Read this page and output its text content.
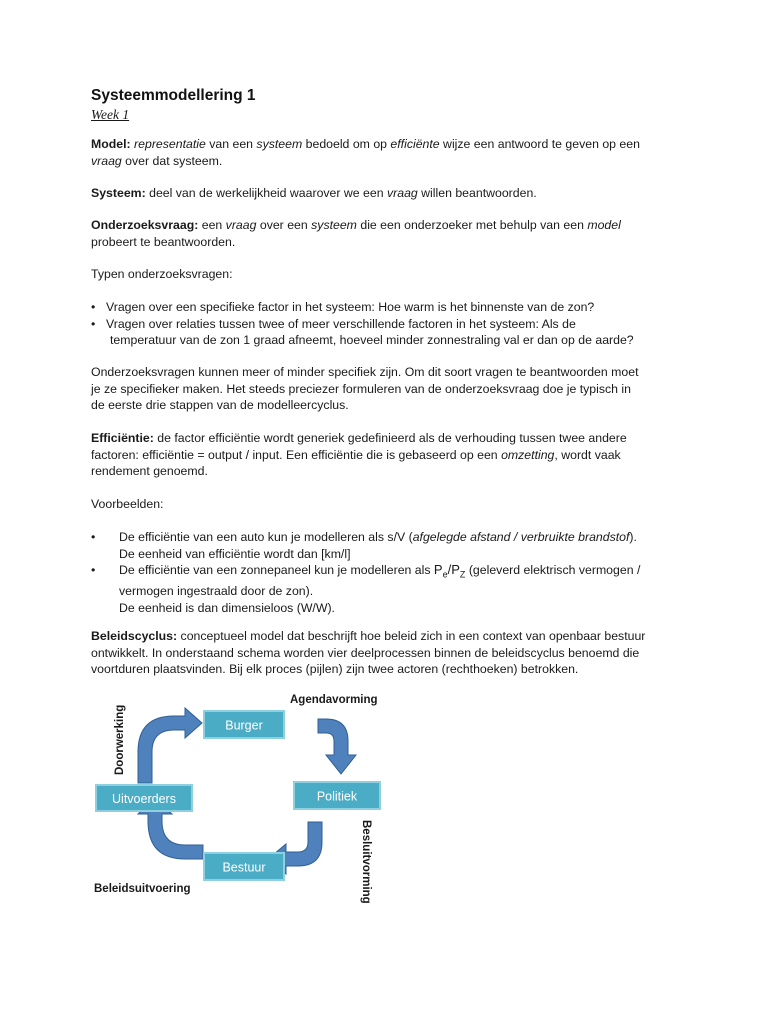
Systeemmodellering 1
Week 1

Model: representatie van een systeem bedoeld om op efficiënte wijze een antwoord te geven op een

vraag over dat systeem.

Systeem: deel van de werkelijkheid waarover we een vraag willen beantwoorden.

Onderzoeksvraag: een vraag over een systeem die een onderzoeker met behulp van een model

probeert te beantwoorden.

Typen onderzoeksvragen:
• Vragen over een specifieke factor in het systeem: Hoe warm is het binnenste van de zon?
• Vragen over relaties tussen twee of meer verschillende factoren in het systeem: Als de
temperatuur van de zon 1 graad afneemt, hoeveel minder zonnestraling val er dan op de aarde?

Onderzoeksvragen kunnen meer of minder specifiek zijn. Om dit soort vragen te beantwoorden moet

je ze specifieker maken. Het steeds preciezer formuleren van de onderzoeksvraag doe je typisch in

de eerste drie stappen van de modelleercyclus.

Efficiëntie: de factor efficiëntie wordt generiek gedefinieerd als de verhouding tussen twee andere

factoren: efficiëntie = output / input. Een efficiëntie die is gebaseerd op een omzetting, wordt vaak

rendement genoemd.

Voorbeelden:
• De efficiëntie van een auto kun je modelleren als s/V (afgelegde afstand / verbruikte brandstof).
De eenheid van efficiëntie wordt dan [km/l]
• De efficiëntie van een zonnepaneel kun je modelleren als $P_e/P_Z$ (geleverd elektrisch vermogen /
vermogen ingestraald door de zon).
De eenheid is dan dimensieloos (W/W).

Beleidscyclus: conceptueel model dat beschrijft hoe beleid zich in een context van openbaar bestuur

ontwikkelt. In onderstaand schema worden vier deelprocessen binnen de beleidscyclus benoemd die

voortduren plaatsvinden. Bij elk proces (pijlen) zijn twee actoren (rechthoeken) betrokken.

Burger
Politiek
Bestuur
Uitvoerders
Agendavorming
Besluitvorming
Beleidsuitvoering
Doorwerking
